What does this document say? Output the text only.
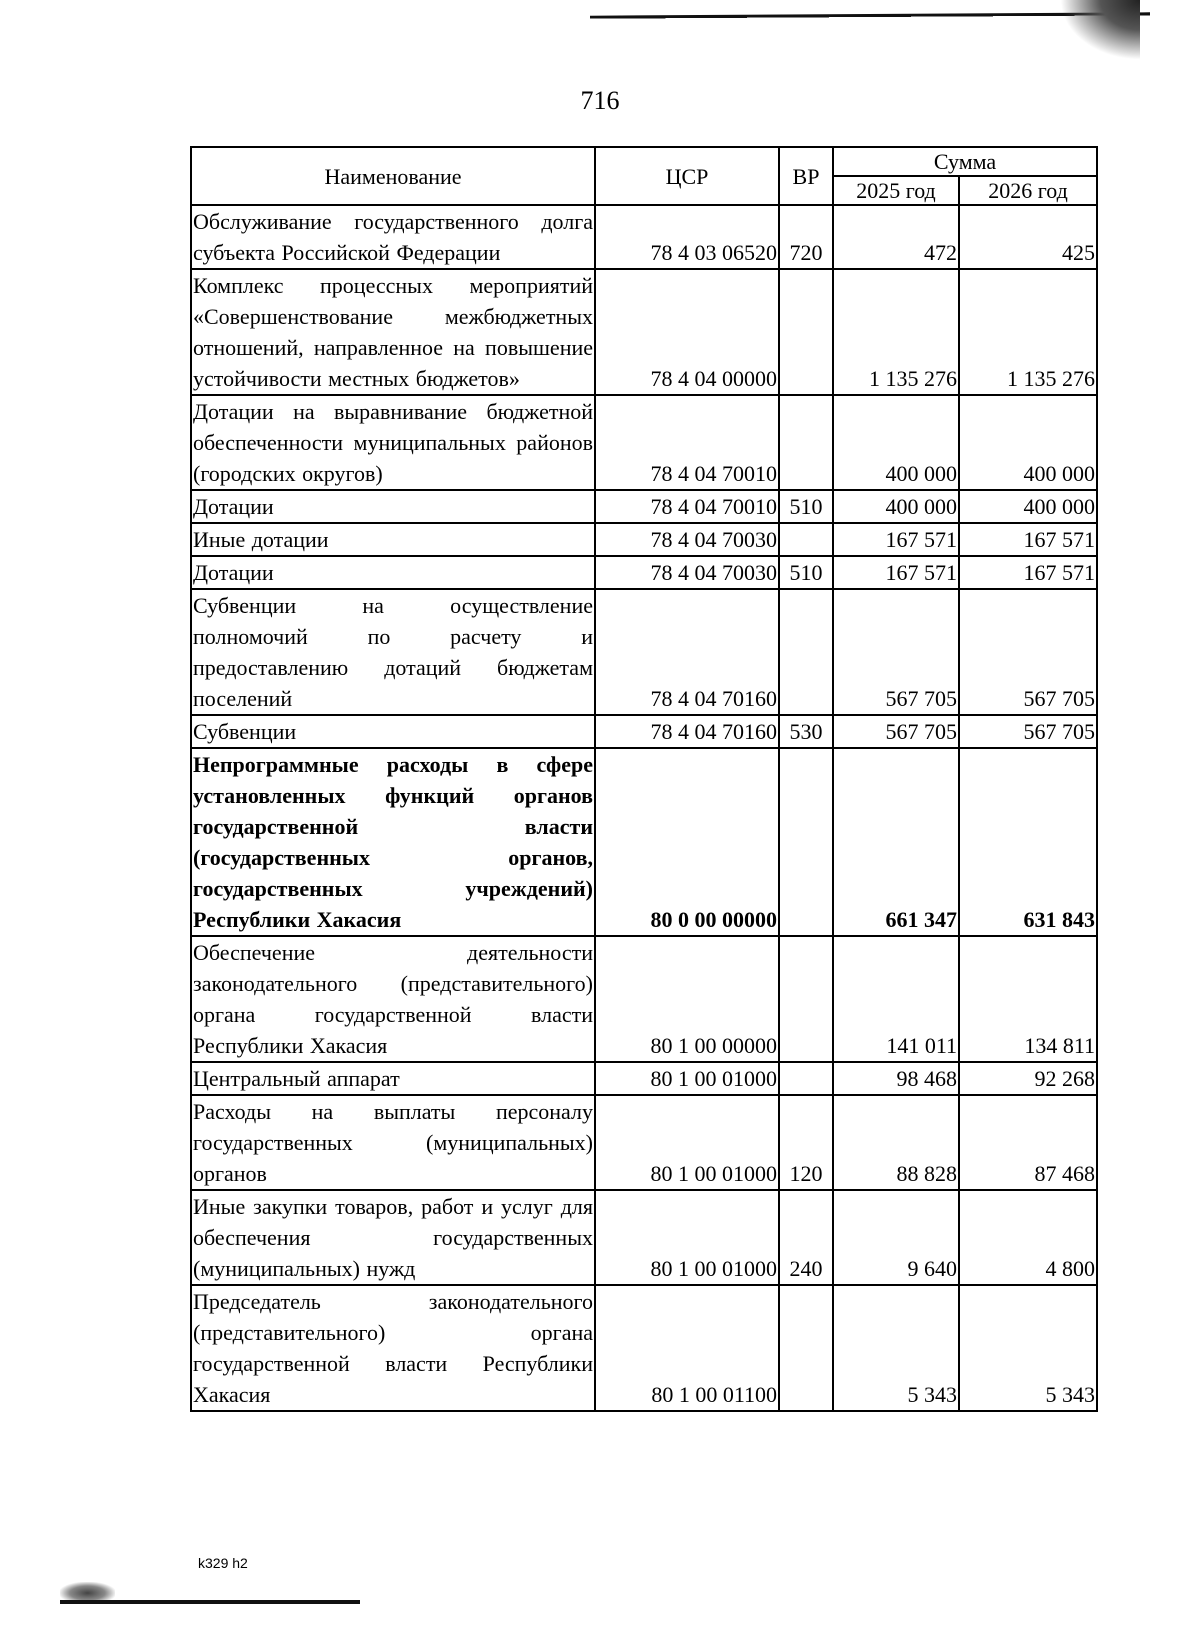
716
Наименование	ЦСР	ВР	Сумма	
			2025 год	2026 год
Обслуживание государственного долга субъекта Российской Федерации	78 4 03 06520	720	472	425
Комплекс процессных мероприятий «Совершенствование межбюджетных отношений, направленное на повышение устойчивости местных бюджетов»	78 4 04 00000		1 135 276	1 135 276
Дотации на выравнивание бюджетной обеспеченности муниципальных районов (городских округов)	78 4 04 70010		400 000	400 000
Дотации	78 4 04 70010	510	400 000	400 000
Иные дотации	78 4 04 70030		167 571	167 571
Дотации	78 4 04 70030	510	167 571	167 571
Субвенции на осуществление полномочий по расчету и предоставлению дотаций бюджетам поселений	78 4 04 70160		567 705	567 705
Субвенции	78 4 04 70160	530	567 705	567 705
Непрограммные расходы в сфере установленных функций органов государственной власти (государственных органов, государственных учреждений) Республики Хакасия	80 0 00 00000		661 347	631 843
Обеспечение деятельности законодательного (представительного) органа государственной власти Республики Хакасия	80 1 00 00000		141 011	134 811
Центральный аппарат	80 1 00 01000		98 468	92 268
Расходы на выплаты персоналу государственных (муниципальных) органов	80 1 00 01000	120	88 828	87 468
Иные закупки товаров, работ и услуг для обеспечения государственных (муниципальных) нужд	80 1 00 01000	240	9 640	4 800
Председатель законодательного (представительного) органа государственной власти Республики Хакасия	80 1 00 01100		5 343	5 343
k329 h2
